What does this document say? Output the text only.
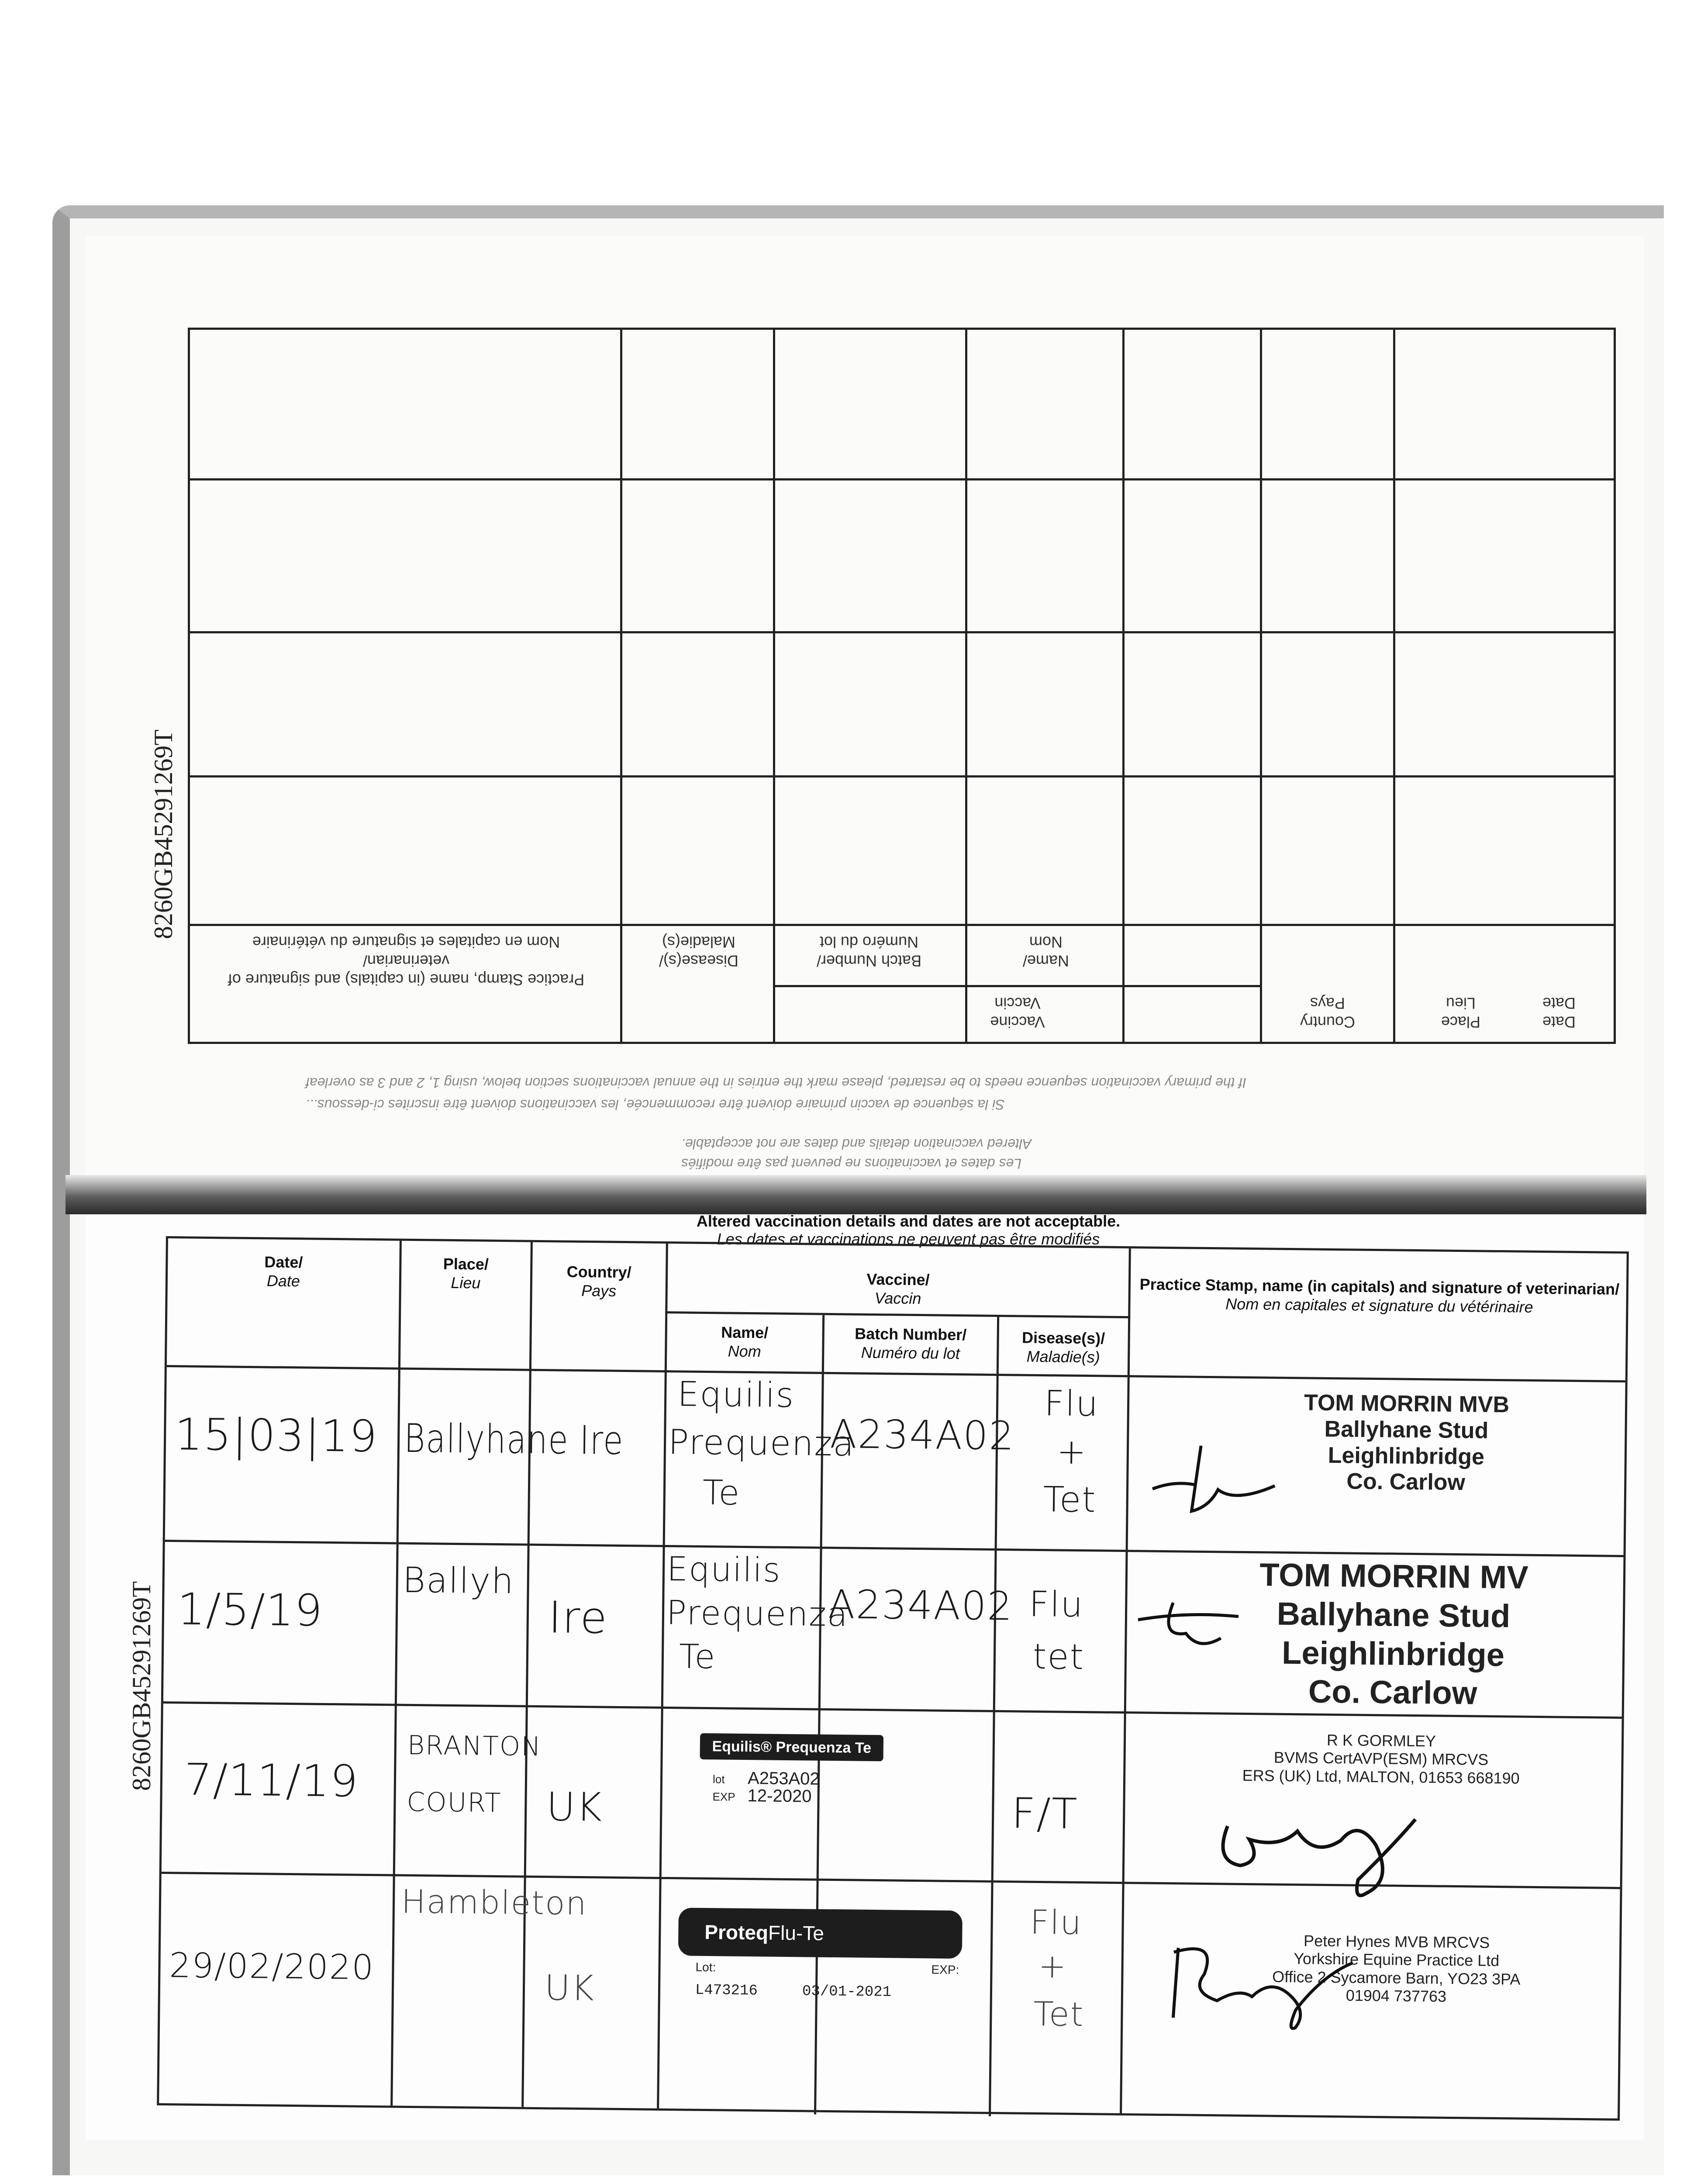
8260GB45291269T
8260GB45291269T
Practice Stamp, name (in capitals) and signature of veterinarian/
Nom en capitales et signature du vétérinaire
Disease(s)/
Maladie(s)
Batch Number/
Numéro du lot
Name/
Nom
Vaccine
Vaccin
Country
Pays
Place
Lieu
Date
Date
If the primary vaccination sequence needs to be restarted, please mark the entries in the annual vaccinations section below, using 1, 2 and 3 as overleaf
Si la séquence de vaccin primaire doivent être recommencée, les vaccinations doivent être inscrites ci-dessous...
Altered vaccination details and dates are not acceptable.
Les dates et vaccinations ne peuvent pas être modifiés
Altered vaccination details and dates are not acceptable.
Les dates et vaccinations ne peuvent pas être modifiés
Date/
Date
Place/
Lieu
Country/
Pays
Vaccine/
Vaccin
Name/
Nom
Batch Number/
Numéro du lot
Disease(s)/
Maladie(s)
Practice Stamp, name (in capitals) and signature of veterinarian/
Nom en capitales et signature du vétérinaire
15|03|19 Ballyhane Ire
Equilis
Prequenza
Te
A234A02
Flu
+
Tet
TOM MORRIN MVB
Ballyhane Stud
Leighlinbridge
Co. Carlow
1/5/19
Ballyh
Ire
Equilis
Prequenza
Te
A234A02 Flu
tet
TOM MORRIN MV
Ballyhane Stud
Leighlinbridge
Co. Carlow
7/11/19
BRANTON
COURT UK
Equilis® Prequenza Te
lot A253A02
EXP 12-2020	F/T
R K GORMLEY
BVMS CertAVP(ESM) MRCVS
ERS (UK) Ltd, MALTON, 01653 668190
29/02/2020
Hambleton
UK
ProteqFlu-Te
Lot:
L473216
EXP:
03/01-2021
Flu
+
Tet
Peter Hynes MVB MRCVS
Yorkshire Equine Practice Ltd
Office 2 Sycamore Barn, YO23 3PA
01904 737763
